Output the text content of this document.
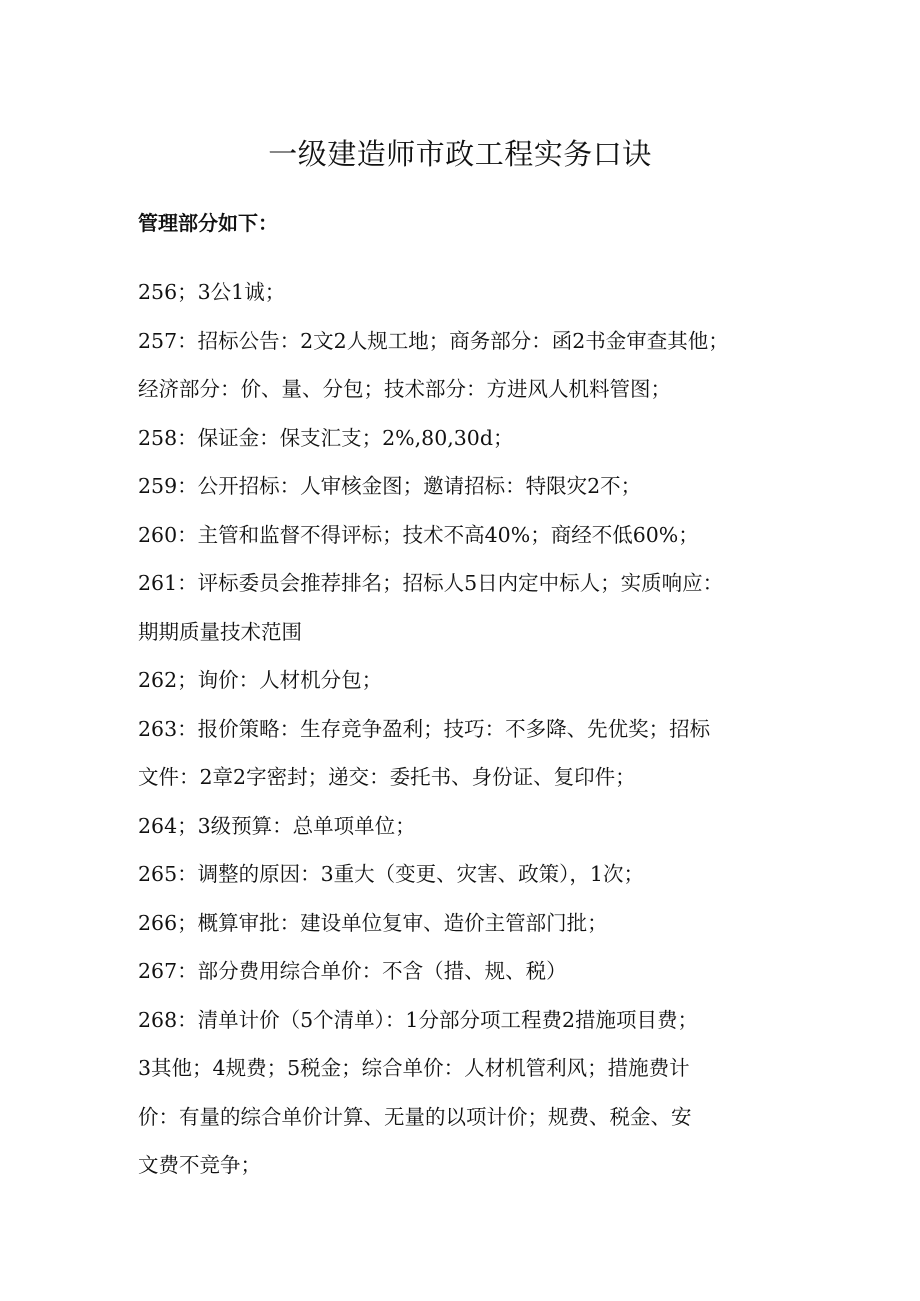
一级建造师市政工程实务口诀
管理部分如下：
256；3公1诚；
257：招标公告：2文2人规工地；商务部分：函2书金审查其他；
经济部分：价、量、分包；技术部分：方进风人机料管图；
258：保证金：保支汇支；2%,80,30d；
259：公开招标：人审核金图；邀请招标：特限灾2不；
260：主管和监督不得评标；技术不高40%；商经不低60%；
261：评标委员会推荐排名；招标人5日内定中标人；实质响应：
期期质量技术范围
262；询价：人材机分包；
263：报价策略：生存竞争盈利；技巧：不多降、先优奖；招标
文件：2章2字密封；递交：委托书、身份证、复印件；
264；3级预算：总单项单位；
265：调整的原因：3重大（变更、灾害、政策），1次；
266；概算审批：建设单位复审、造价主管部门批；
267：部分费用综合单价：不含（措、规、税）
268：清单计价（5个清单）：1分部分项工程费2措施项目费；
3其他；4规费；5税金；综合单价：人材机管利风；措施费计
价：有量的综合单价计算、无量的以项计价；规费、税金、安
文费不竞争；
